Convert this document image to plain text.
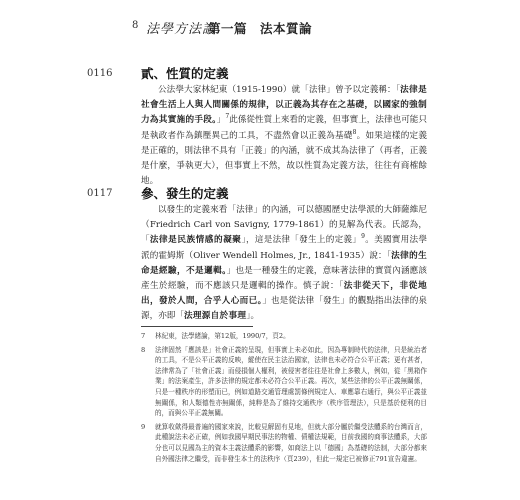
8 法學方法論
第一篇　法本質論
0116 貳、性質的定義

公法學大家林紀東（1915-1990）就「法律」曾予以定義稱：「法律是社會生活上人與人間關係的規律，以正義為其存在之基礎，以國家的強制力為其實施的手段。」$^7$此係從性質上來看的定義，但事實上，法律也可能只是執政者作為鎮壓異己的工具，不盡然會以正義為基礎$^8$。如果這樣的定義是正確的，則法律不具有「正義」的內涵，就不成其為法律了（再者，正義是什麼，爭執更大），但事實上不然，故以性質為定義方法，往往有商榷餘地。

0117 參、發生的定義

以發生的定義來看「法律」的內涵，可以德國歷史法學派的大師薩維尼（Friedrich Carl von Savigny, 1779-1861）的見解為代表。氏認為，「法律是民族情感的凝聚」，這是法律「發生上的定義」$^9$。美國實用法學派的霍姆斯（Oliver Wendell Holmes, Jr., 1841-1935）說：「法律的生命是經驗，不是邏輯。」也是一種發生的定義，意味著法律的實質內涵應該產生於經驗，而不應該只是邏輯的操作。慎子說：「法非從天下，非從地出，發於人間，合乎人心而已。」也是從法律「發生」的觀點指出法律的泉源，亦即「法理源自於事理」。

7 林紀東，法學緒論，第12版，1990/7，頁2。
8 法律固然「應該是」社會正義的呈現，但事實上未必如此，因為專制時代的法律，只是統治者的工具，不是公平正義的反映，縱使在民主法治國家，法律也未必符合公平正義；更有甚者，法律常為了「社會正義」而侵損個人權利，被侵害者往往是社會上多數人，例如，從「黑箱作業」的法案產生，許多法律的規定都未必符合公平正義。再次，某些法律的公平正義無關係，只是一種秩序的形塑而已，例如道路交通管理處罰條例規定人、車應靠右通行，與公平正義並無關係，和人類德性亦無關係，純粹是為了維持交通秩序（秩序管理法），只是基於便利的目的，而與公平正義無關。
9 就算收歛得最普遍的國家來說，比較見解固有見地，但就大部分屬於繼受法體系的台灣而言，此種說法未必正確，例如我國早期民事法的物權、債權法規範，目前我國的商事法體系，大部分也可以見國為主的資本主義法體系的影響，如商法上以「德國」為基礎的法制，大部分都來自外國法律之繼受，而非發生本土的法秩序（頁239），但此一規定已被修正791宣告違憲。
